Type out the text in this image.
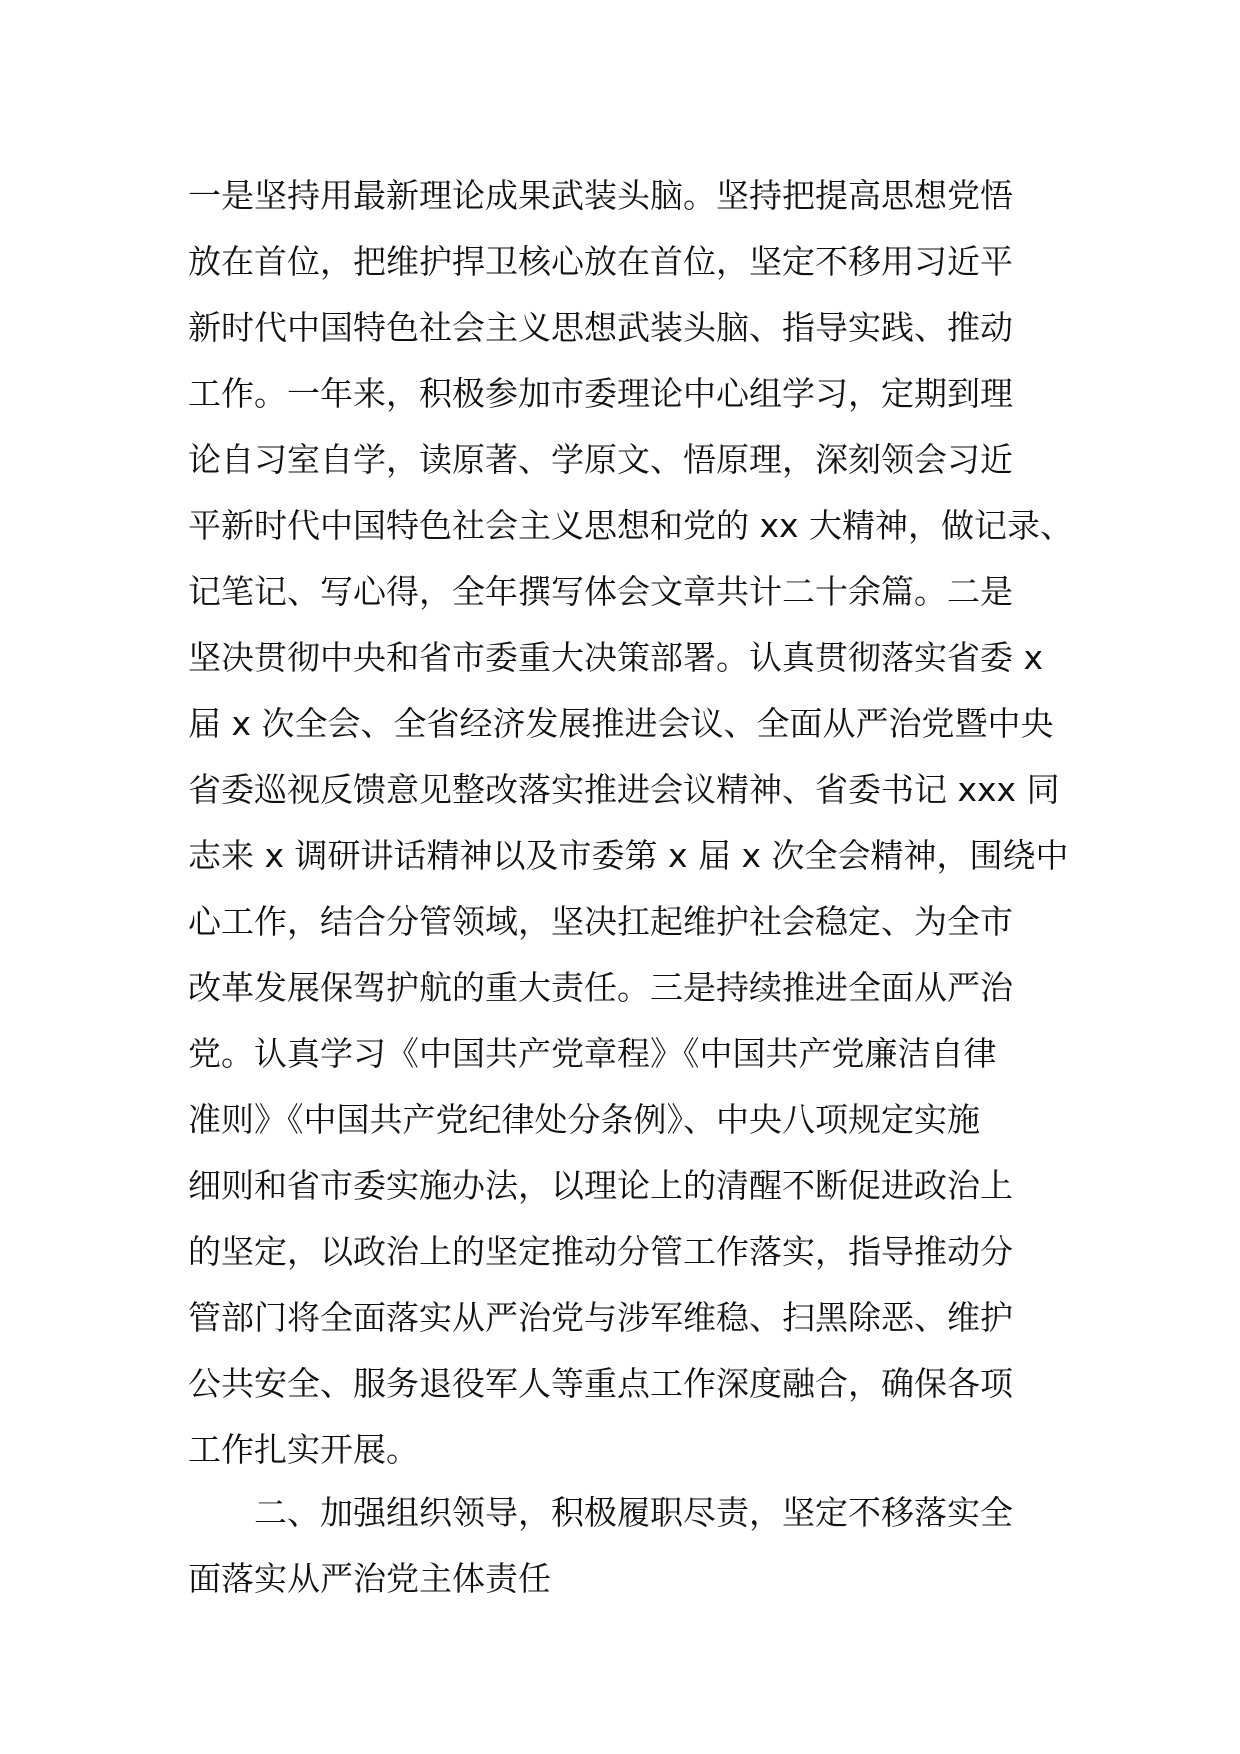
一是坚持用最新理论成果武装头脑。坚持把提高思想党悟
放在首位，把维护捍卫核心放在首位，坚定不移用习近平
新时代中国特色社会主义思想武装头脑、指导实践、推动
工作。一年来，积极参加市委理论中心组学习，定期到理
论自习室自学，读原著、学原文、悟原理，深刻领会习近
平新时代中国特色社会主义思想和党的 xx 大精神，做记录、
记笔记、写心得，全年撰写体会文章共计二十余篇。二是
坚决贯彻中央和省市委重大决策部署。认真贯彻落实省委 x
届 x 次全会、全省经济发展推进会议、全面从严治党暨中央
省委巡视反馈意见整改落实推进会议精神、省委书记 xxx 同
志来 x 调研讲话精神以及市委第 x 届 x 次全会精神，围绕中
心工作，结合分管领域，坚决扛起维护社会稳定、为全市
改革发展保驾护航的重大责任。三是持续推进全面从严治
党。认真学习《中国共产党章程》《中国共产党廉洁自律
准则》《中国共产党纪律处分条例》、中央八项规定实施
细则和省市委实施办法，以理论上的清醒不断促进政治上
的坚定，以政治上的坚定推动分管工作落实，指导推动分
管部门将全面落实从严治党与涉军维稳、扫黑除恶、维护
公共安全、服务退役军人等重点工作深度融合，确保各项
工作扎实开展。
二、加强组织领导，积极履职尽责，坚定不移落实全
面落实从严治党主体责任
